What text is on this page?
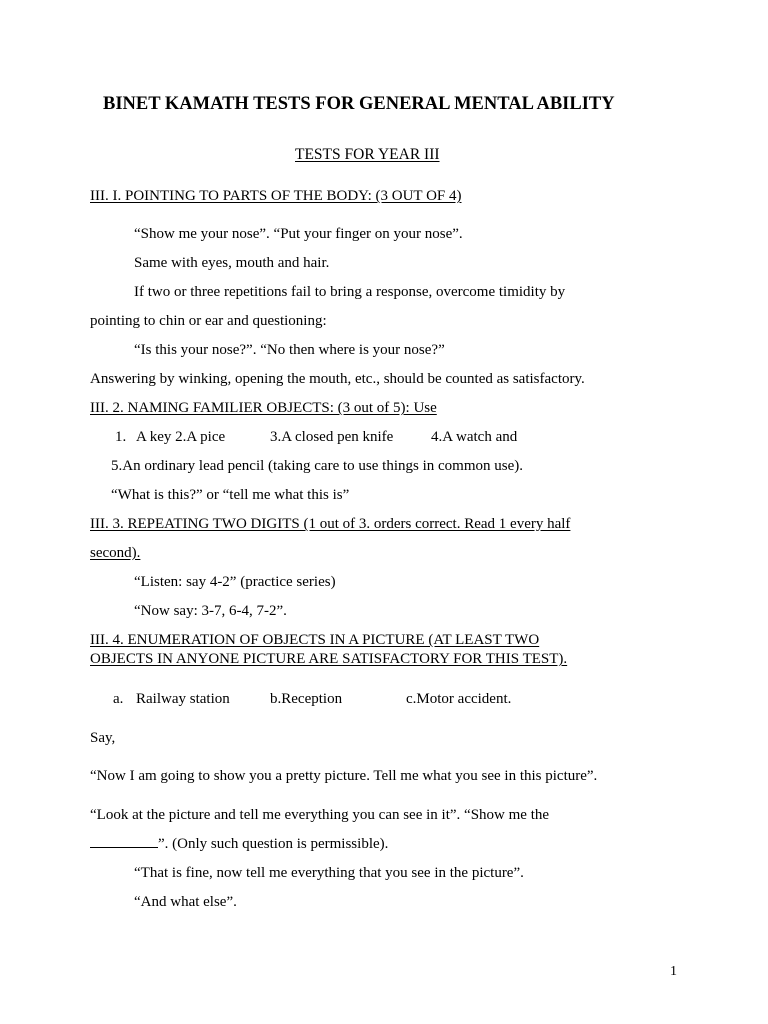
BINET KAMATH TESTS FOR GENERAL MENTAL ABILITY
TESTS FOR YEAR III
III. I. POINTING TO PARTS OF THE BODY: (3 OUT OF 4)
“Show me your nose”. “Put your finger on your nose”.
Same with eyes, mouth and hair.
If two or three repetitions fail to bring a response, overcome timidity by
pointing to chin or ear and questioning:
“Is this your nose?”. “No then where is your nose?”
Answering by winking, opening the mouth, etc., should be counted as satisfactory.
III. 2. NAMING FAMILIER OBJECTS: (3 out of 5): Use
1. A key 2.A pice	3.A closed pen knife	4.A watch and
5.An ordinary lead pencil (taking care to use things in common use).
“What is this?” or “tell me what this is”
III. 3. REPEATING TWO DIGITS (1 out of 3. orders correct. Read 1 every half
second).
“Listen: say 4-2” (practice series)
“Now say: 3-7, 6-4, 7-2”.
III. 4. ENUMERATION OF OBJECTS IN A PICTURE (AT LEAST TWO
OBJECTS IN ANYONE PICTURE ARE SATISFACTORY FOR THIS TEST).
a. Railway station	b.Reception	c.Motor accident.
Say,
“Now I am going to show you a pretty picture. Tell me what you see in this picture”.
“Look at the picture and tell me everything you can see in it”. “Show me the
”. (Only such question is permissible).
“That is fine, now tell me everything that you see in the picture”.
“And what else”.
1
